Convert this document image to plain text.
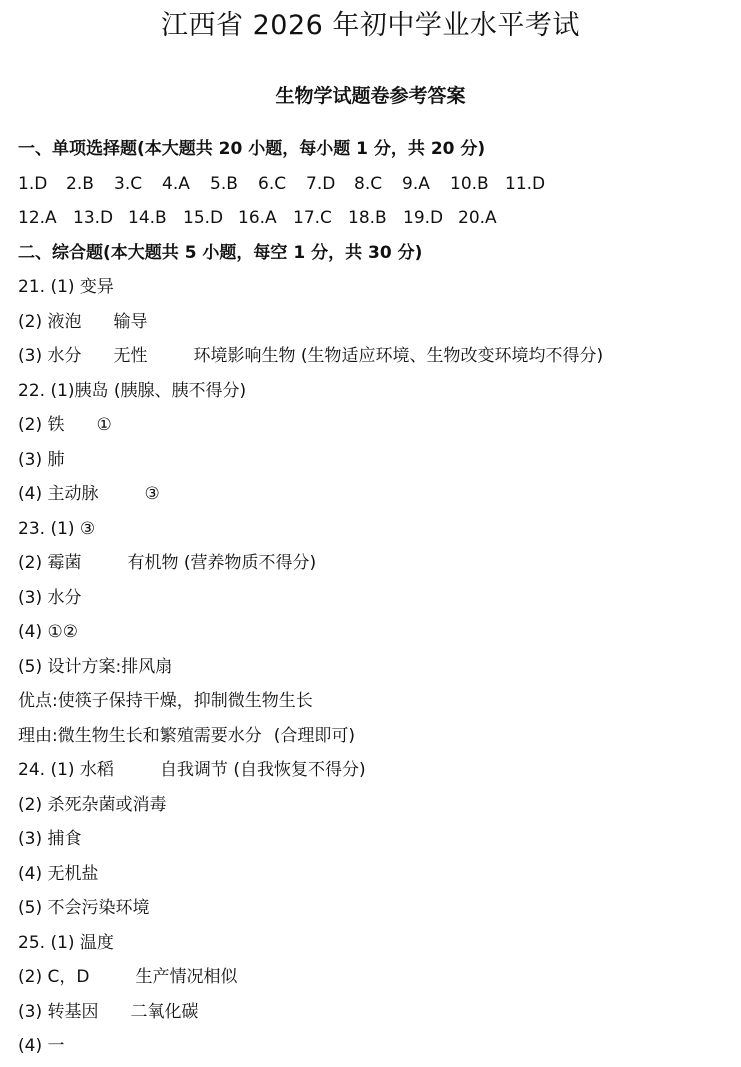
江西省 2026 年初中学业水平考试
生物学试题卷参考答案
一、单项选择题(本大题共 20 小题，每小题 1 分，共 20 分)
1.D 2.B 3.C 4.A 5.B 6.C 7.D 8.C 9.A 10.B 11.D
12.A 13.D 14.B 15.D 16.A 17.C 18.B 19.D 20.A
二、综合题(本大题共 5 小题，每空 1 分，共 30 分)
21. (1) 变异
(2) 液泡 输导
(3) 水分 无性	环境影响生物 (生物适应环境、生物改变环境均不得分)
22. (1)胰岛 (胰腺、胰不得分)
(2) 铁 ①
(3) 肺
(4) 主动脉	③
23. (1) ③
(2) 霉菌	有机物 (营养物质不得分)
(3) 水分
(4) ①②
(5) 设计方案:排风扇
优点:使筷子保持干燥，抑制微生物生长
理由:微生物生长和繁殖需要水分 (合理即可)
24. (1) 水稻	自我调节 (自我恢复不得分)
(2) 杀死杂菌或消毒
(3) 捕食
(4) 无机盐
(5) 不会污染环境
25. (1) 温度
(2) C，D	生产情况相似
(3) 转基因 二氧化碳
(4) 一
